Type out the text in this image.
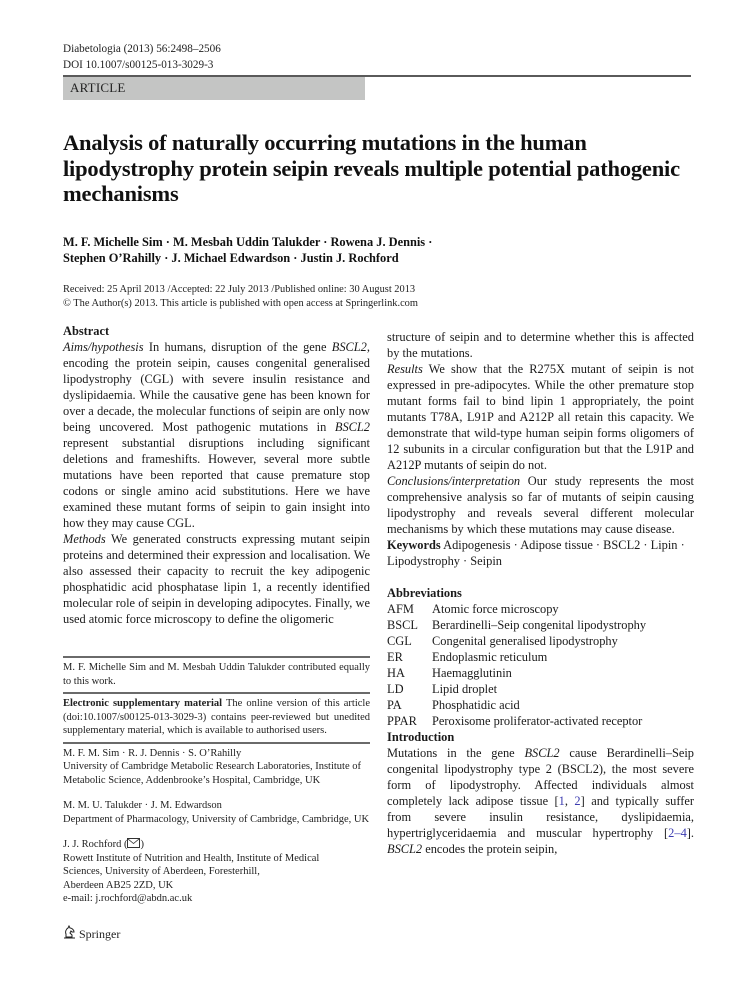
Diabetologia (2013) 56:2498–2506
DOI 10.1007/s00125-013-3029-3
ARTICLE
Analysis of naturally occurring mutations in the human lipodystrophy protein seipin reveals multiple potential pathogenic mechanisms
M. F. Michelle Sim · M. Mesbah Uddin Talukder · Rowena J. Dennis ·
Stephen O’Rahilly · J. Michael Edwardson · Justin J. Rochford
Received: 25 April 2013 /Accepted: 22 July 2013 /Published online: 30 August 2013
© The Author(s) 2013. This article is published with open access at Springerlink.com

Abstract

Aims/hypothesis In humans, disruption of the gene BSCL2, encoding the protein seipin, causes congenital generalised lipodystrophy (CGL) with severe insulin resistance and dyslipidaemia. While the causative gene has been known for over a decade, the molecular functions of seipin are only now being uncovered. Most pathogenic mutations in BSCL2 represent substantial disruptions including significant deletions and frameshifts. However, several more subtle mutations have been reported that cause premature stop codons or single amino acid substitutions. Here we have examined these mutant forms of seipin to gain insight into how they may cause CGL.

Methods We generated constructs expressing mutant seipin proteins and determined their expression and localisation. We also assessed their capacity to recruit the key adipogenic phosphatidic acid phosphatase lipin 1, a recently identified molecular role of seipin in developing adipocytes. Finally, we used atomic force microscopy to define the oligomeric

M. F. Michelle Sim and M. Mesbah Uddin Talukder contributed equally to this work.

Electronic supplementary material The online version of this article (doi:10.1007/s00125-013-3029-3) contains peer-reviewed but unedited supplementary material, which is available to authorised users.

M. F. M. Sim · R. J. Dennis · S. O’Rahilly
University of Cambridge Metabolic Research Laboratories, Institute of Metabolic Science, Addenbrooke’s Hospital, Cambridge, UK
M. M. U. Talukder · J. M. Edwardson
Department of Pharmacology, University of Cambridge, Cambridge, UK
J. J. Rochford ( )
Rowett Institute of Nutrition and Health, Institute of Medical
Sciences, University of Aberdeen, Foresterhill,
Aberdeen AB25 2ZD, UK
e-mail: j.rochford@abdn.ac.uk

structure of seipin and to determine whether this is affected by the mutations.

Results We show that the R275X mutant of seipin is not expressed in pre-adipocytes. While the other premature stop mutant forms fail to bind lipin 1 appropriately, the point mutants T78A, L91P and A212P all retain this capacity. We demonstrate that wild-type human seipin forms oligomers of 12 subunits in a circular configuration but that the L91P and A212P mutants of seipin do not.

Conclusions/interpretation Our study represents the most comprehensive analysis so far of mutants of seipin causing lipodystrophy and reveals several different molecular mechanisms by which these mutations may cause disease.

Keywords Adipogenesis · Adipose tissue · BSCL2 · Lipin · Lipodystrophy · Seipin

Abbreviations

AFM	Atomic force microscopy
BSCL	Berardinelli–Seip congenital lipodystrophy
CGL	Congenital generalised lipodystrophy
ER	Endoplasmic reticulum
HA	Haemagglutinin
LD	Lipid droplet
PA	Phosphatidic acid
PPAR	Peroxisome proliferator-activated receptor

Introduction

Mutations in the gene BSCL2 cause Berardinelli–Seip congenital lipodystrophy type 2 (BSCL2), the most severe form of lipodystrophy. Affected individuals almost completely lack adipose tissue [1, 2] and typically suffer from severe insulin resistance, dyslipidaemia, hypertriglyceridaemia and muscular hypertrophy [2–4]. BSCL2 encodes the protein seipin,

Springer
